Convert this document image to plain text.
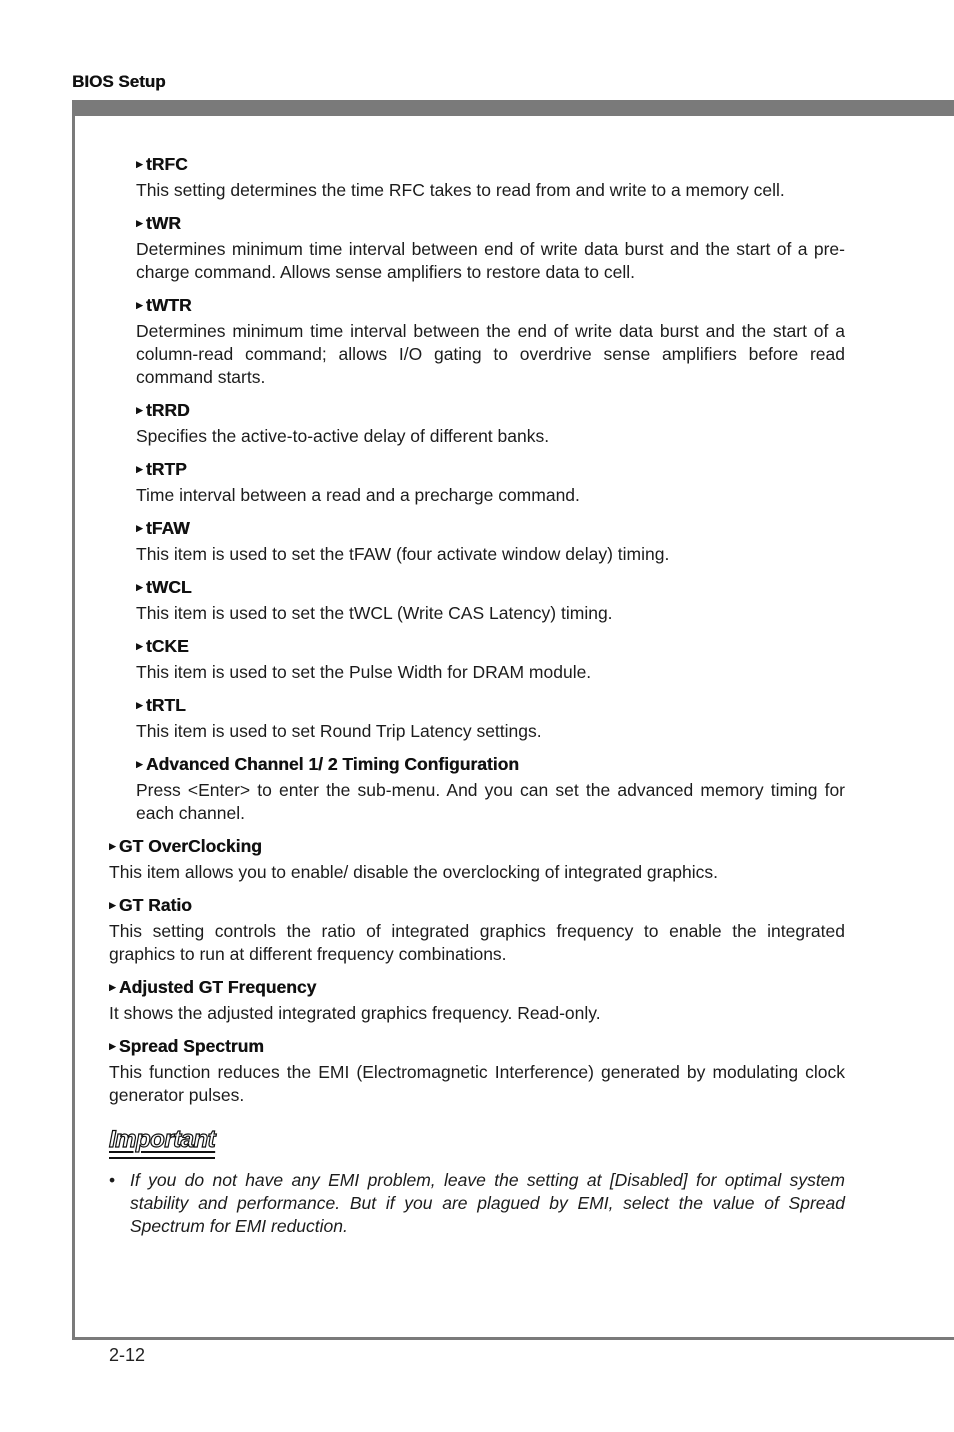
BIOS Setup
▶ tRFC
This setting determines the time RFC takes to read from and write to a memory cell.
▶ tWR
Determines minimum time interval between end of write data burst and the start of a pre-charge command. Allows sense amplifiers to restore data to cell.
▶ tWTR
Determines minimum time interval between the end of write data burst and the start of a column-read command; allows I/O gating to overdrive sense amplifiers before read command starts.
▶ tRRD
Specifies the active-to-active delay of different banks.
▶ tRTP
Time interval between a read and a precharge command.
▶ tFAW
This item is used to set the tFAW (four activate window delay) timing.
▶ tWCL
This item is used to set the tWCL (Write CAS Latency) timing.
▶ tCKE
This item is used to set the Pulse Width for DRAM module.
▶ tRTL
This item is used to set Round Trip Latency settings.
▶ Advanced Channel 1/ 2 Timing Configuration
Press <Enter> to enter the sub-menu. And you can set the advanced memory timing for each channel.
▶ GT OverClocking
This item allows you to enable/ disable the overclocking of integrated graphics.
▶ GT Ratio
This setting controls the ratio of integrated graphics frequency to enable the integrated graphics to run at different frequency combinations.
▶ Adjusted GT Frequency
It shows the adjusted integrated graphics frequency. Read-only.
▶ Spread Spectrum
This function reduces the EMI (Electromagnetic Interference) generated by modulating clock generator pulses.
Important
• If you do not have any EMI problem, leave the setting at [Disabled] for optimal system stability and performance. But if you are plagued by EMI, select the value of Spread Spectrum for EMI reduction.
2-12
